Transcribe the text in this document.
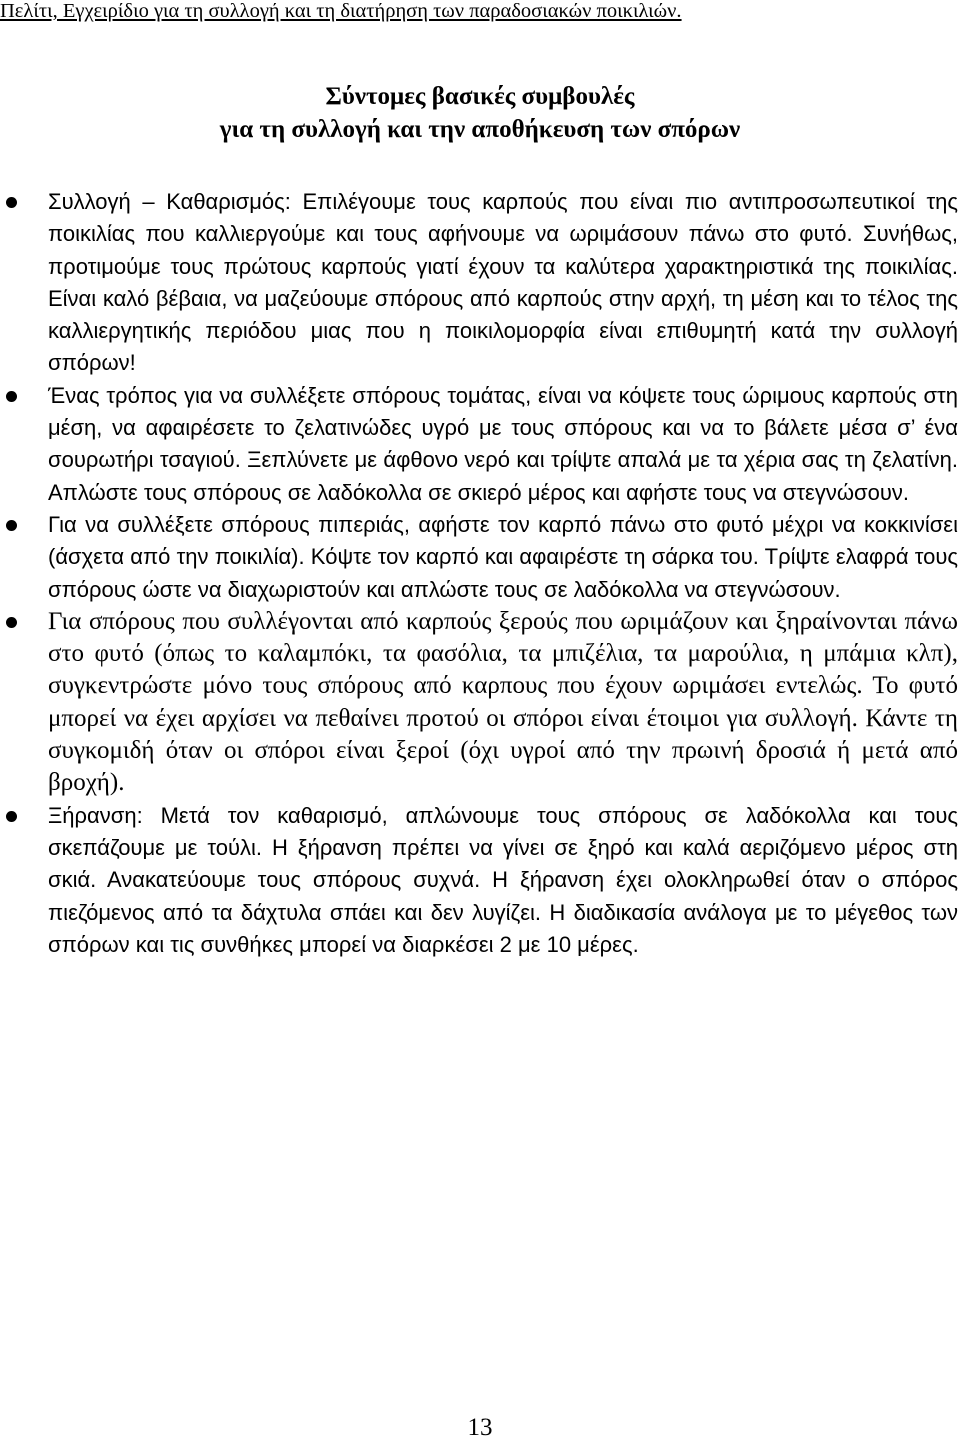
Πελίτι, Εγχειρίδιο για τη συλλογή και τη διατήρηση των παραδοσιακών ποικιλιών.
Σύντομες βασικές συμβουλές
για τη συλλογή και την αποθήκευση των σπόρων
Συλλογή – Καθαρισμός: Επιλέγουμε τους καρπούς που είναι πιο αντιπροσωπευτικοί της ποικιλίας που καλλιεργούμε και τους αφήνουμε να ωριμάσουν πάνω στο φυτό. Συνήθως, προτιμούμε τους πρώτους καρπούς γιατί έχουν τα καλύτερα χαρακτηριστικά της ποικιλίας. Είναι καλό βέβαια, να μαζεύουμε σπόρους από καρπούς στην αρχή, τη μέση και το τέλος της καλλιεργητικής περιόδου μιας που η ποικιλομορφία είναι επιθυμητή κατά την συλλογή σπόρων!
Ένας τρόπος για να συλλέξετε σπόρους τομάτας, είναι να κόψετε τους ώριμους καρπούς στη μέση, να αφαιρέσετε το ζελατινώδες υγρό με τους σπόρους και να το βάλετε μέσα σ’ ένα σουρωτήρι τσαγιού. Ξεπλύνετε με άφθονο νερό και τρίψτε απαλά με τα χέρια σας τη ζελατίνη. Απλώστε τους σπόρους σε λαδόκολλα σε σκιερό μέρος και αφήστε τους να στεγνώσουν.
Για να συλλέξετε σπόρους πιπεριάς, αφήστε τον καρπό πάνω στο φυτό μέχρι να κοκκινίσει (άσχετα από την ποικιλία). Κόψτε τον καρπό και αφαιρέστε τη σάρκα του. Τρίψτε ελαφρά τους σπόρους ώστε να διαχωριστούν και απλώστε τους σε λαδόκολλα να στεγνώσουν.
Για σπόρους που συλλέγονται από καρπούς ξερούς που ωριμάζουν και ξηραίνονται πάνω στο φυτό (όπως το καλαμπόκι, τα φασόλια, τα μπιζέλια, τα μαρούλια, η μπάμια κλπ), συγκεντρώστε μόνο τους σπόρους από καρπους που έχουν ωριμάσει εντελώς. Το φυτό μπορεί να έχει αρχίσει να πεθαίνει προτού οι σπόροι είναι έτοιμοι για συλλογή. Κάντε τη συγκομιδή όταν οι σπόροι είναι ξεροί (όχι υγροί από την πρωινή δροσιά ή μετά από βροχή).
Ξήρανση: Μετά τον καθαρισμό, απλώνουμε τους σπόρους σε λαδόκολλα και τους σκεπάζουμε με τούλι. Η ξήρανση πρέπει να γίνει σε ξηρό και καλά αεριζόμενο μέρος στη σκιά. Ανακατεύουμε τους σπόρους συχνά. Η ξήρανση έχει ολοκληρωθεί όταν ο σπόρος πιεζόμενος από τα δάχτυλα σπάει και δεν λυγίζει. Η διαδικασία ανάλογα με το μέγεθος των σπόρων και τις συνθήκες μπορεί να διαρκέσει 2 με 10 μέρες.
13
